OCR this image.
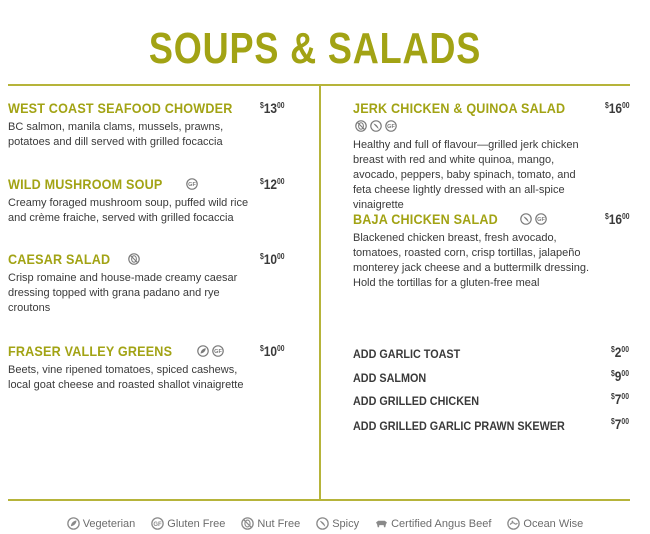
SOUPS & SALADS
WEST COAST SEAFOOD CHOWDER
BC salmon, manila clams, mussels, prawns, potatoes and dill served with grilled focaccia
$^{\$}13^{00}$
WILD MUSHROOM SOUP	GF
Creamy foraged mushroom soup, puffed wild rice and crème fraiche, served with grilled focaccia
$^{\$}12^{00}$
CAESAR SALAD
Crisp romaine and house-made creamy caesar dressing topped with grana padano and rye croutons
$^{\$}10^{00}$
FRASER VALLEY GREENS	GF
Beets, vine ripened tomatoes, spiced cashews, local goat cheese and roasted shallot vinaigrette
$^{\$}10^{00}$
JERK CHICKEN & QUINOA SALAD
GF
Healthy and full of flavour—grilled jerk chicken breast with red and white quinoa, mango, avocado, peppers, baby spinach, tomato, and feta cheese lightly dressed with an all-spice vinaigrette
$^{\$}16^{00}$
BAJA CHICKEN SALAD	GF
Blackened chicken breast, fresh avocado, tomatoes, roasted corn, crisp tortillas, jalapeño monterey jack cheese and a buttermilk dressing. Hold the tortillas for a gluten-free meal
$^{\$}16^{00}$
ADD GARLIC TOAST	$^{\$}2^{00}$
ADD SALMON	$^{\$}9^{00}$
ADD GRILLED CHICKEN	$^{\$}7^{00}$
ADD GRILLED GARLIC PRAWN SKEWER	$^{\$}7^{00}$
Vegeterian	GF Gluten Free	Nut Free	Spicy	Certified Angus Beef	Ocean Wise
